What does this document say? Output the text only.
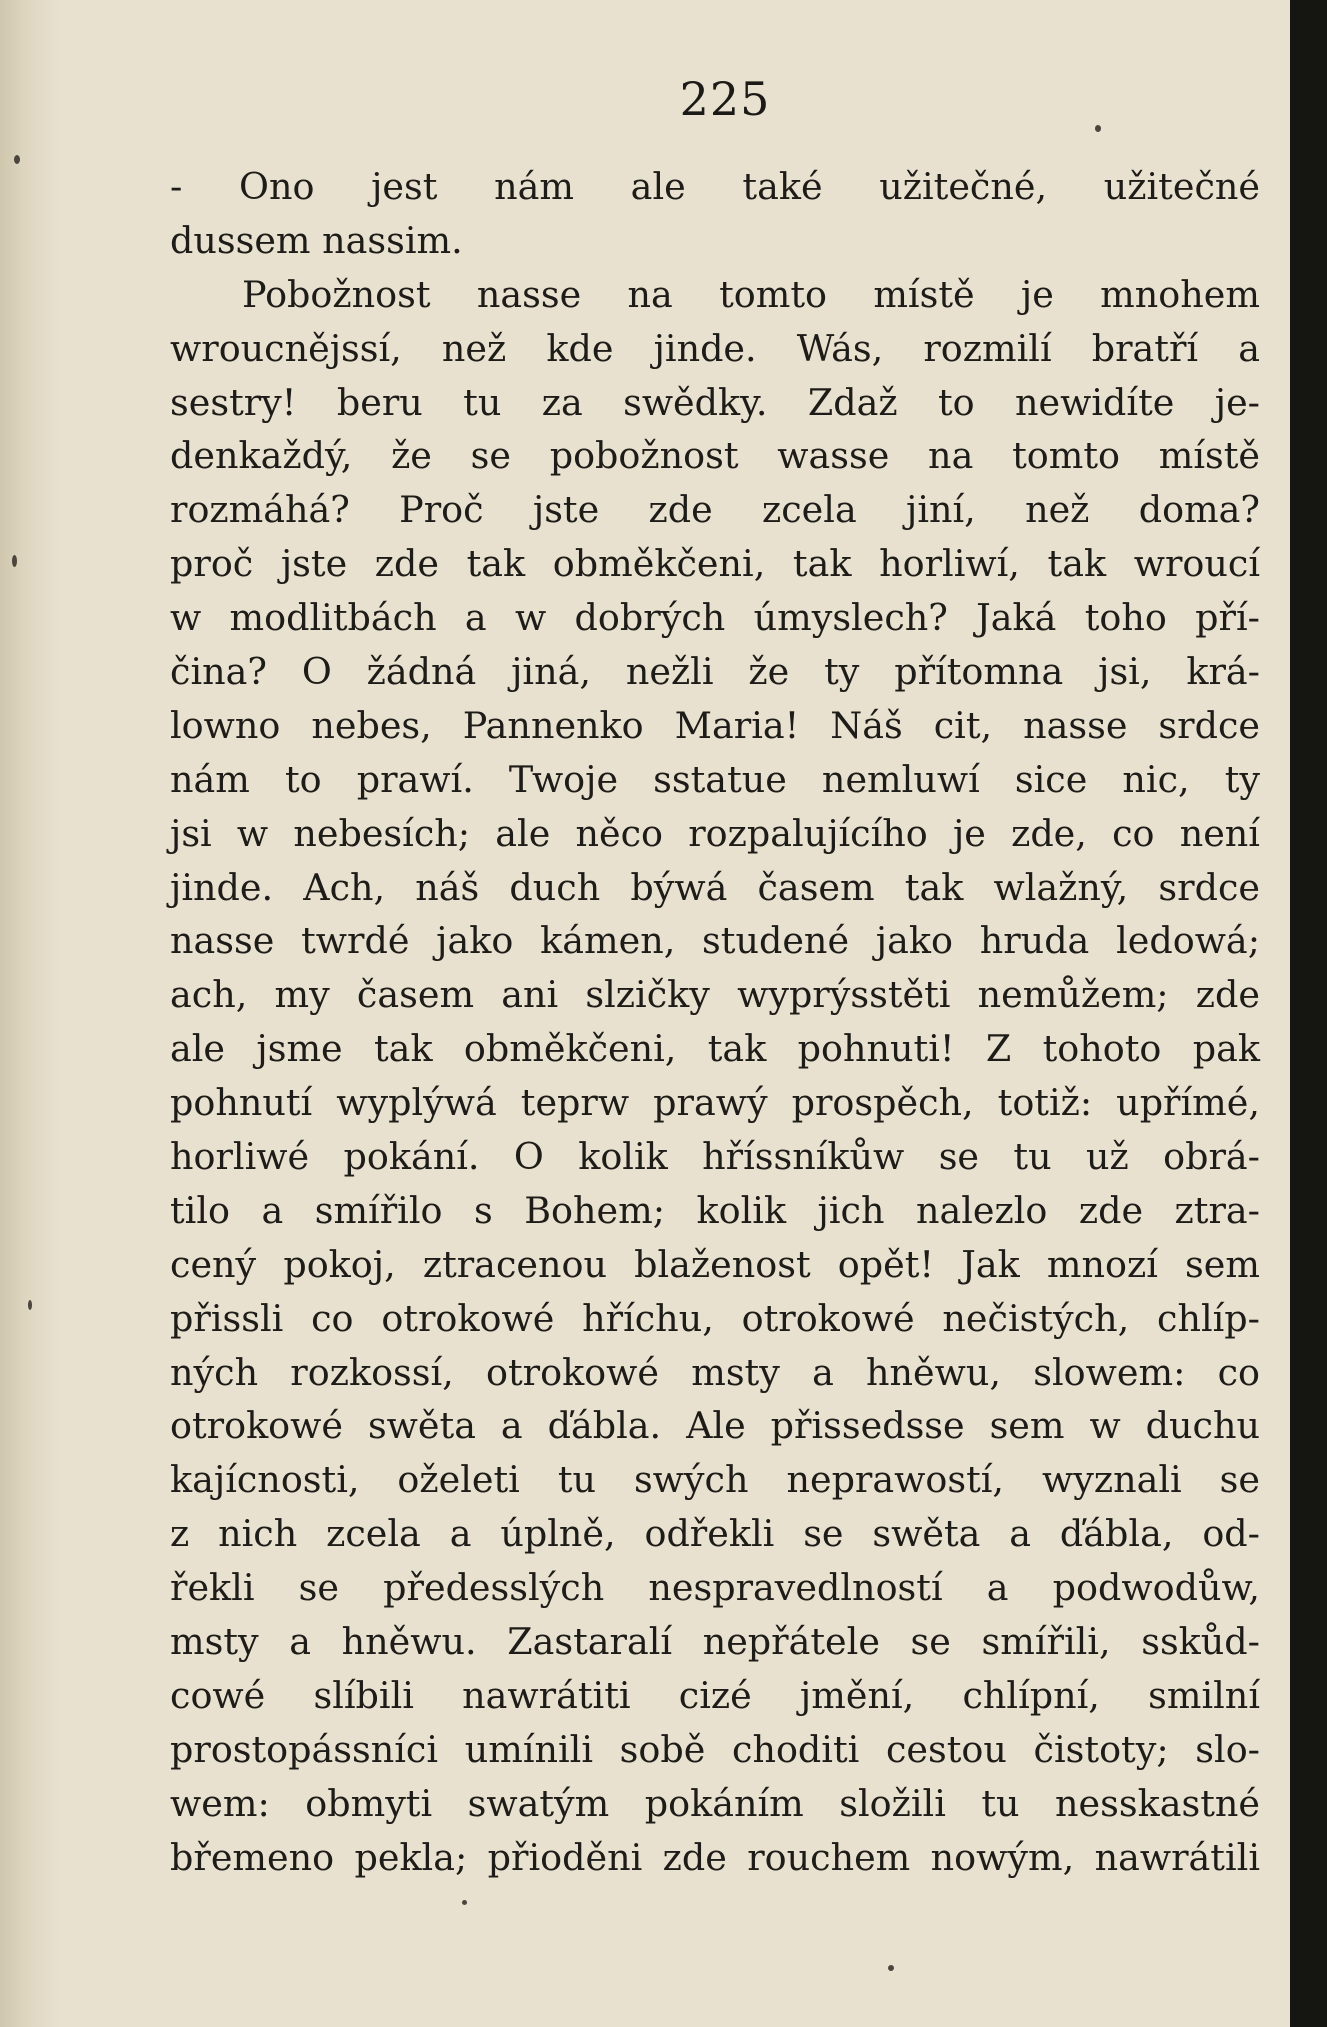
225
- Ono jest nám ale také užitečné, užitečné
dussem nassim.
Pobožnost nasse na tomto místě je mnohem
wroucnějssí, než kde jinde. Wás, rozmilí bratří a
sestry! beru tu za swědky. Zdaž to newidíte je-
denkaždý, že se pobožnost wasse na tomto místě
rozmáhá? Proč jste zde zcela jiní, než doma?
proč jste zde tak obměkčeni, tak horliwí, tak wroucí
w modlitbách a w dobrých úmyslech? Jaká toho pří-
čina? O žádná jiná, nežli že ty přítomna jsi, krá-
lowno nebes, Pannenko Maria! Náš cit, nasse srdce
nám to prawí. Twoje sstatue nemluwí sice nic, ty
jsi w nebesích; ale něco rozpalujícího je zde, co není
jinde. Ach, náš duch býwá časem tak wlažný, srdce
nasse twrdé jako kámen, studené jako hruda ledowá;
ach, my časem ani slzičky wyprýsstěti nemůžem; zde
ale jsme tak obměkčeni, tak pohnuti! Z tohoto pak
pohnutí wyplýwá teprw prawý prospěch, totiž: upřímé,
horliwé pokání. O kolik hříssníkůw se tu už obrá-
tilo a smířilo s Bohem; kolik jich nalezlo zde ztra-
cený pokoj, ztracenou blaženost opět! Jak mnozí sem
přissli co otrokowé hříchu, otrokowé nečistých, chlíp-
ných rozkossí, otrokowé msty a hněwu, slowem: co
otrokowé swěta a ďábla. Ale přissedsse sem w duchu
kajícnosti, oželeti tu swých neprawostí, wyznali se
z nich zcela a úplně, odřekli se swěta a ďábla, od-
řekli se předesslých nespravedlností a podwodůw,
msty a hněwu. Zastaralí nepřátele se smířili, sskůd-
cowé slíbili nawrátiti cizé jmění, chlípní, smilní
prostopássníci umínili sobě choditi cestou čistoty; slo-
wem: obmyti swatým pokáním složili tu nesskastné
břemeno pekla; přioděni zde rouchem nowým, nawrátili
